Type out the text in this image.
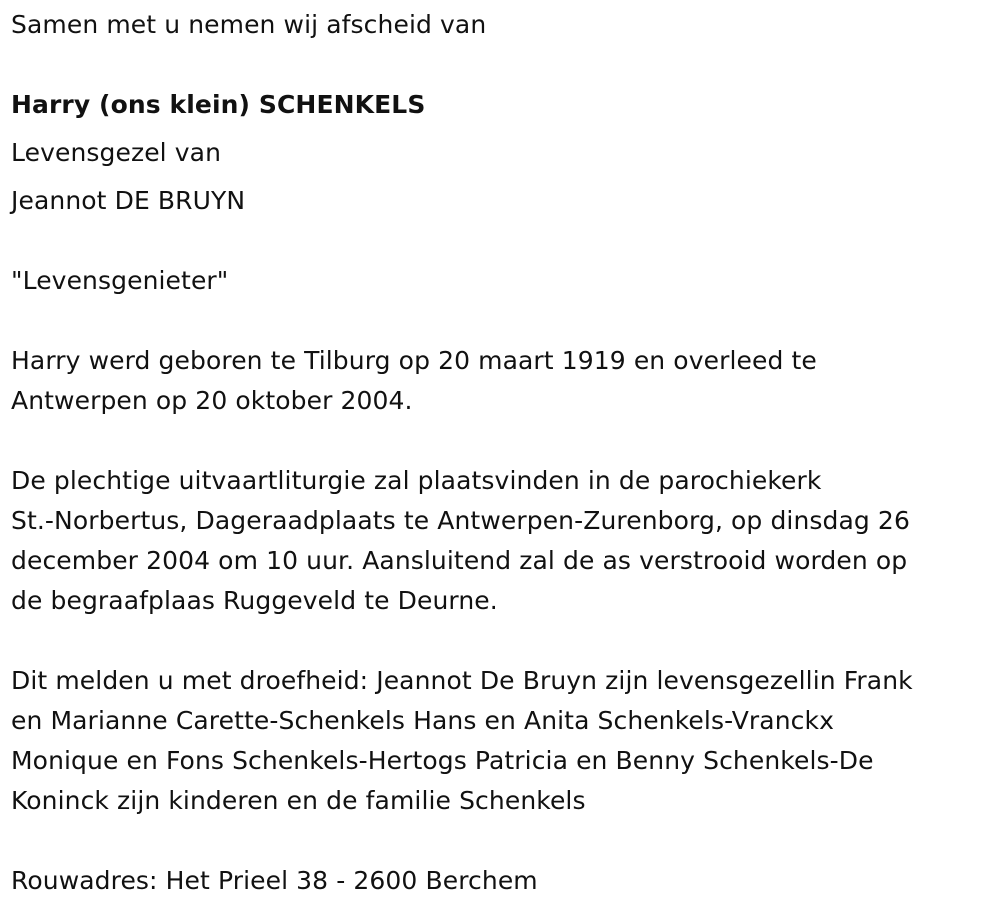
Samen met u nemen wij afscheid van
Harry (ons klein) SCHENKELS
Levensgezel van
Jeannot DE BRUYN
"Levensgenieter"
Harry werd geboren te Tilburg op 20 maart 1919 en overleed te
Antwerpen op 20 oktober 2004.
De plechtige uitvaartliturgie zal plaatsvinden in de parochiekerk
St.-Norbertus, Dageraadplaats te Antwerpen-Zurenborg, op dinsdag 26
december 2004 om 10 uur. Aansluitend zal de as verstrooid worden op
de begraafplaas Ruggeveld te Deurne.
Dit melden u met droefheid: Jeannot De Bruyn zijn levensgezellin Frank
en Marianne Carette-Schenkels Hans en Anita Schenkels-Vranckx
Monique en Fons Schenkels-Hertogs Patricia en Benny Schenkels-De
Koninck zijn kinderen en de familie Schenkels
Rouwadres: Het Prieel 38 - 2600 Berchem
